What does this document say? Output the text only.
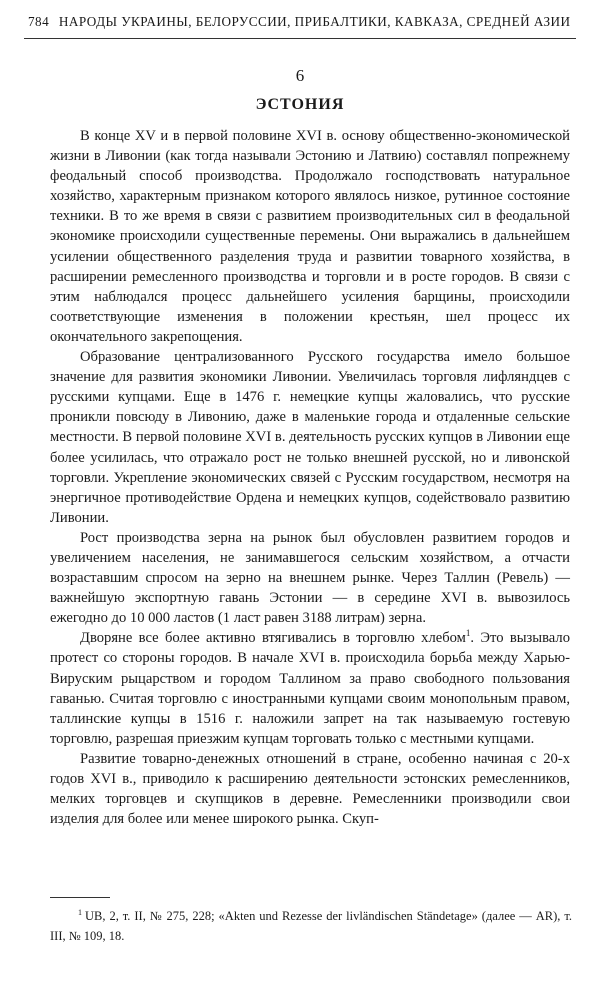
784 НАРОДЫ УКРАИНЫ, БЕЛОРУССИИ, ПРИБАЛТИКИ, КАВКАЗА, СРЕДНЕЙ АЗИИ
6
ЭСТОНИЯ

В конце XV и в первой половине XVI в. основу общественно-экономической жизни в Ливонии (как тогда называли Эстонию и Латвию) составлял попрежнему феодальный способ производства. Продолжало господствовать натуральное хозяйство, характерным признаком которого являлось низкое, рутинное состояние техники. В то же время в связи с развитием производительных сил в феодальной экономике происходили существенные перемены. Они выражались в дальнейшем усилении общественного разделения труда и развитии товарного хозяйства, в расширении ремесленного производства и торговли и в росте городов. В связи с этим наблюдался процесс дальнейшего усиления барщины, происходили соответствующие изменения в положении крестьян, шел процесс их окончательного закрепощения.

Образование централизованного Русского государства имело большое значение для развития экономики Ливонии. Увеличилась торговля лифляндцев с русскими купцами. Еще в 1476 г. немецкие купцы жаловались, что русские проникли повсюду в Ливонию, даже в маленькие города и отдаленные сельские местности. В первой половине XVI в. деятельность русских купцов в Ливонии еще более усилилась, что отражало рост не только внешней русской, но и ливонской торговли. Укрепление экономических связей с Русским государством, несмотря на энергичное противодействие Ордена и немецких купцов, содействовало развитию Ливонии.

Рост производства зерна на рынок был обусловлен развитием городов и увеличением населения, не занимавшегося сельским хозяйством, а отчасти возраставшим спросом на зерно на внешнем рынке. Через Таллин (Ревель) — важнейшую экспортную гавань Эстонии — в середине XVI в. вывозилось ежегодно до 10 000 ластов (1 ласт равен 3188 литрам) зерна.

Дворяне все более активно втягивались в торговлю хлебом$^1$. Это вызывало протест со стороны городов. В начале XVI в. происходила борьба между Харью-Вируским рыцарством и городом Таллином за право свободного пользования гаванью. Считая торговлю с иностранными купцами своим монопольным правом, таллинские купцы в 1516 г. наложили запрет на так называемую гостевую торговлю, разрешая приезжим купцам торговать только с местными купцами.

Развитие товарно-денежных отношений в стране, особенно начиная с 20-х годов XVI в., приводило к расширению деятельности эстонских ремесленников, мелких торговцев и скупщиков в деревне. Ремесленники производили свои изделия для более или менее широкого рынка. Скуп-

$^1$ UB, 2, т. II, № 275, 228; «Akten und Rezesse der livländischen Ständetage» (далее — AR), т. III, № 109, 18.
